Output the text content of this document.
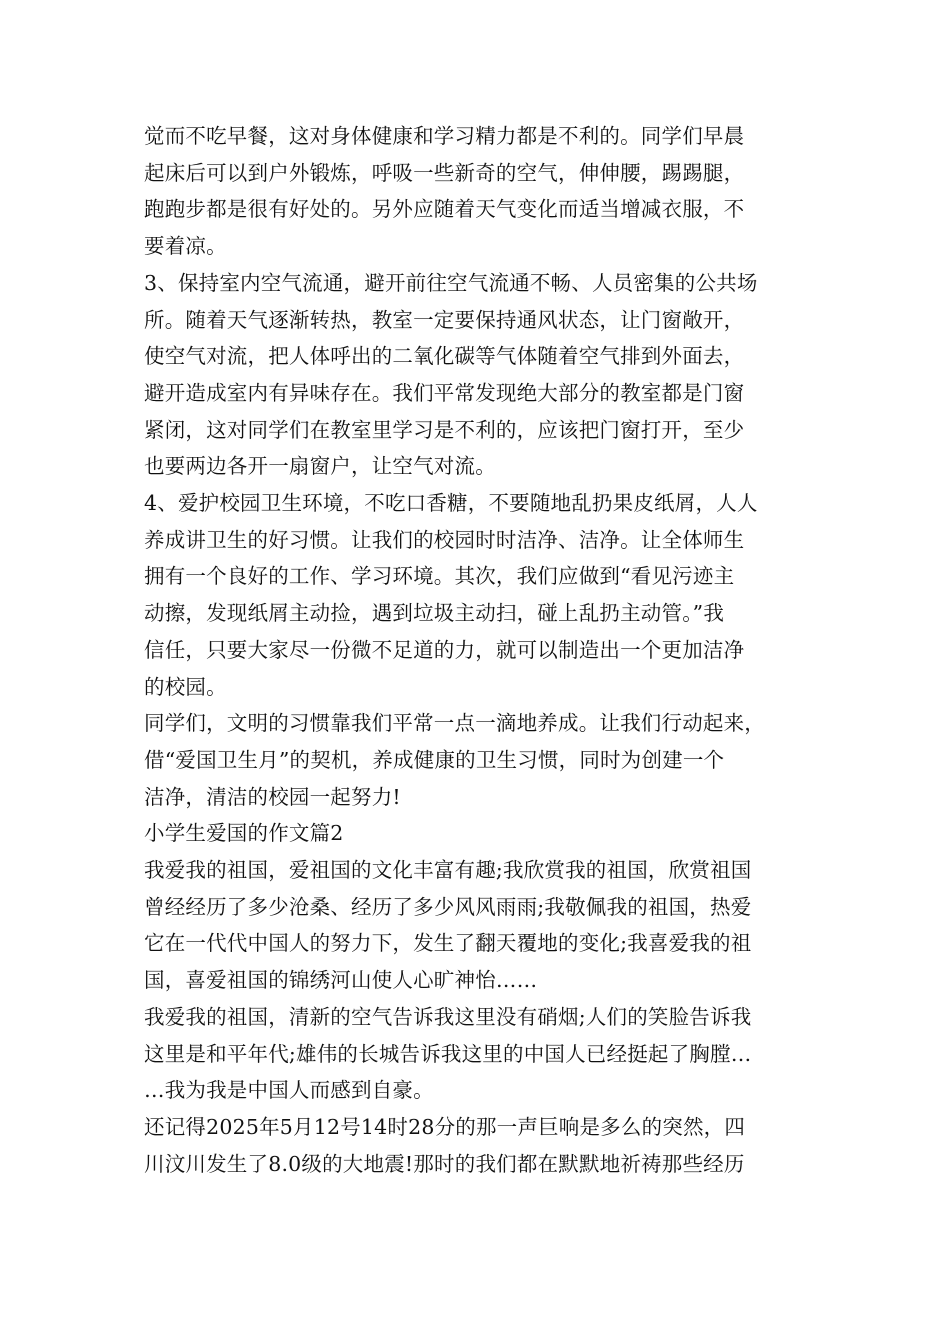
觉而不吃早餐，这对身体健康和学习精力都是不利的。同学们早晨
起床后可以到户外锻炼，呼吸一些新奇的空气，伸伸腰，踢踢腿，
跑跑步都是很有好处的。另外应随着天气变化而适当增减衣服，不
要着凉。
3、保持室内空气流通，避开前往空气流通不畅、人员密集的公共场
所。随着天气逐渐转热，教室一定要保持通风状态，让门窗敞开，
使空气对流，把人体呼出的二氧化碳等气体随着空气排到外面去，
避开造成室内有异味存在。我们平常发现绝大部分的教室都是门窗
紧闭，这对同学们在教室里学习是不利的，应该把门窗打开，至少
也要两边各开一扇窗户，让空气对流。
4、爱护校园卫生环境，不吃口香糖，不要随地乱扔果皮纸屑，人人
养成讲卫生的好习惯。让我们的校园时时洁净、洁净。让全体师生
拥有一个良好的工作、学习环境。其次，我们应做到“看见污迹主
动擦，发现纸屑主动捡，遇到垃圾主动扫，碰上乱扔主动管。”我
信任，只要大家尽一份微不足道的力，就可以制造出一个更加洁净
的校园。
同学们，文明的习惯靠我们平常一点一滴地养成。让我们行动起来，
借“爱国卫生月”的契机，养成健康的卫生习惯，同时为创建一个
洁净，清洁的校园一起努力!
小学生爱国的作文篇2
我爱我的祖国，爱祖国的文化丰富有趣;我欣赏我的祖国，欣赏祖国
曾经经历了多少沧桑、经历了多少风风雨雨;我敬佩我的祖国，热爱
它在一代代中国人的努力下，发生了翻天覆地的变化;我喜爱我的祖
国，喜爱祖国的锦绣河山使人心旷神怡……
我爱我的祖国，清新的空气告诉我这里没有硝烟;人们的笑脸告诉我
这里是和平年代;雄伟的长城告诉我这里的中国人已经挺起了胸膛…
…我为我是中国人而感到自豪。
还记得2025年5月12号14时28分的那一声巨响是多么的突然，四
川汶川发生了8.0级的大地震!那时的我们都在默默地祈祷那些经历
